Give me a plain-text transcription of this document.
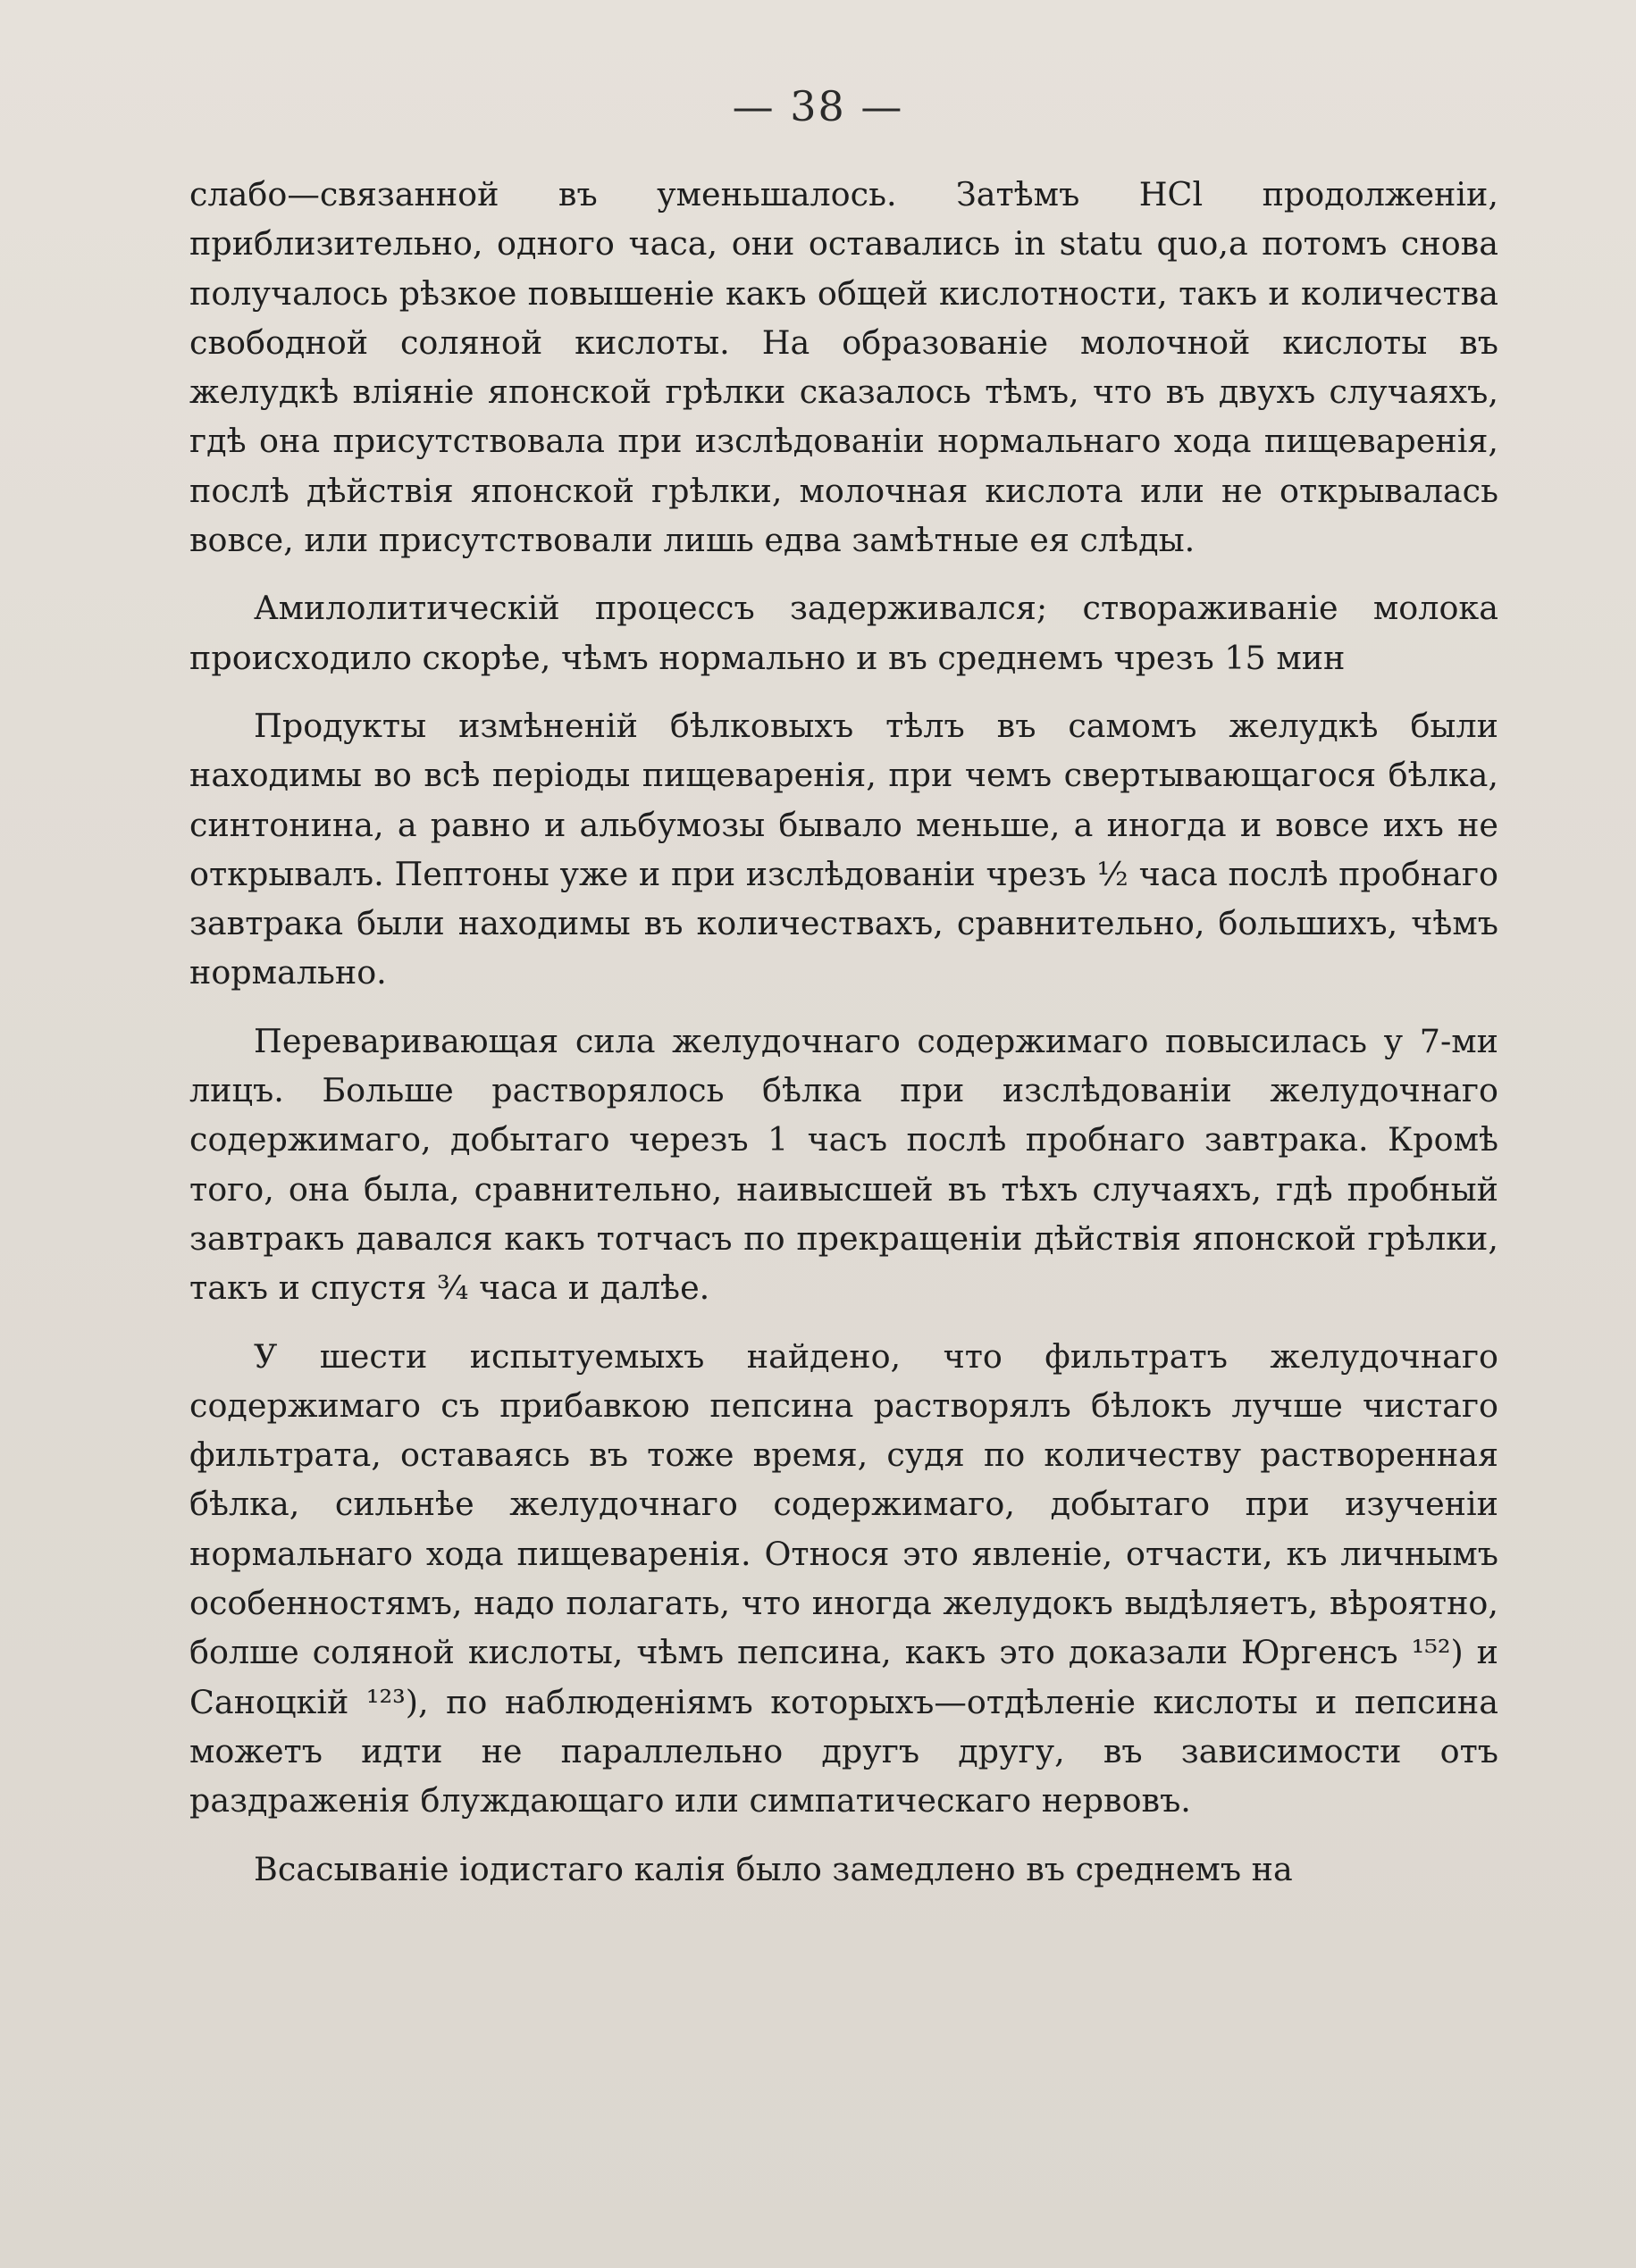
— 38 —

слабо—связанной въ уменьшалось. Затѣмъ HCl продолженiи, приблизительно, одного часа, они оставались in statu quo,а потомъ снова получалось рѣзкое повышенiе какъ общей кислотности, такъ и количества свободной соляной кислоты. На образованiе молочной кислоты въ желудкѣ влiянiе японской грѣлки сказалось тѣмъ, что въ двухъ случаяхъ, гдѣ она присутствовала при изслѣдованiи нормальнаго хода пищеваренiя, послѣ дѣйствiя японской грѣлки, молочная кислота или не открывалась вовсе, или присутствовали лишь едва замѣтные ея слѣды.

Амилолитическiй процессъ задерживался; створаживанiе молока происходило скорѣе, чѣмъ нормально и въ среднемъ чрезъ 15 мин

Продукты измѣненiй бѣлковыхъ тѣлъ въ самомъ желудкѣ были находимы во всѣ перiоды пищеваренiя, при чемъ свертывающагося бѣлка, синтонина, а равно и альбумозы бывало меньше, а иногда и вовсе ихъ не открывалъ. Пептоны уже и при изслѣдованiи чрезъ ½ часа послѣ пробнаго завтрака были находимы въ количествахъ, сравнительно, большихъ, чѣмъ нормально.

Переваривающая сила желудочнаго содержимаго повысилась у 7-ми лицъ. Больше растворялось бѣлка при изслѣдованiи желудочнаго содержимаго, добытаго черезъ 1 часъ послѣ пробнаго завтрака. Кромѣ того, она была, сравнительно, наивысшей въ тѣхъ случаяхъ, гдѣ пробный завтракъ давался какъ тотчасъ по прекращенiи дѣйствiя японской грѣлки, такъ и спустя ¾ часа и далѣе.

У шести испытуемыхъ найдено, что фильтратъ желудочнаго содержимаго съ прибавкою пепсина растворялъ бѣлокъ лучше чистаго фильтрата, оставаясь въ тоже время, судя по количеству растворенная бѣлка, сильнѣе желудочнаго содержимаго, добытаго при изученiи нормальнаго хода пищеваренiя. Относя это явленiе, отчасти, къ личнымъ особенностямъ, надо полагать, что иногда желудокъ выдѣляетъ, вѣроятно, болше соляной кислоты, чѣмъ пепсина, какъ это доказали Юргенсъ ¹⁵²) и Саноцкiй ¹²³), по наблюденiямъ которыхъ—отдѣленiе кислоты и пепсина можетъ идти не параллельно другъ другу, въ зависимости отъ раздраженiя блуждающаго или симпатическаго нервовъ.

Всасыванiе iодистаго калiя было замедлено въ среднемъ на
